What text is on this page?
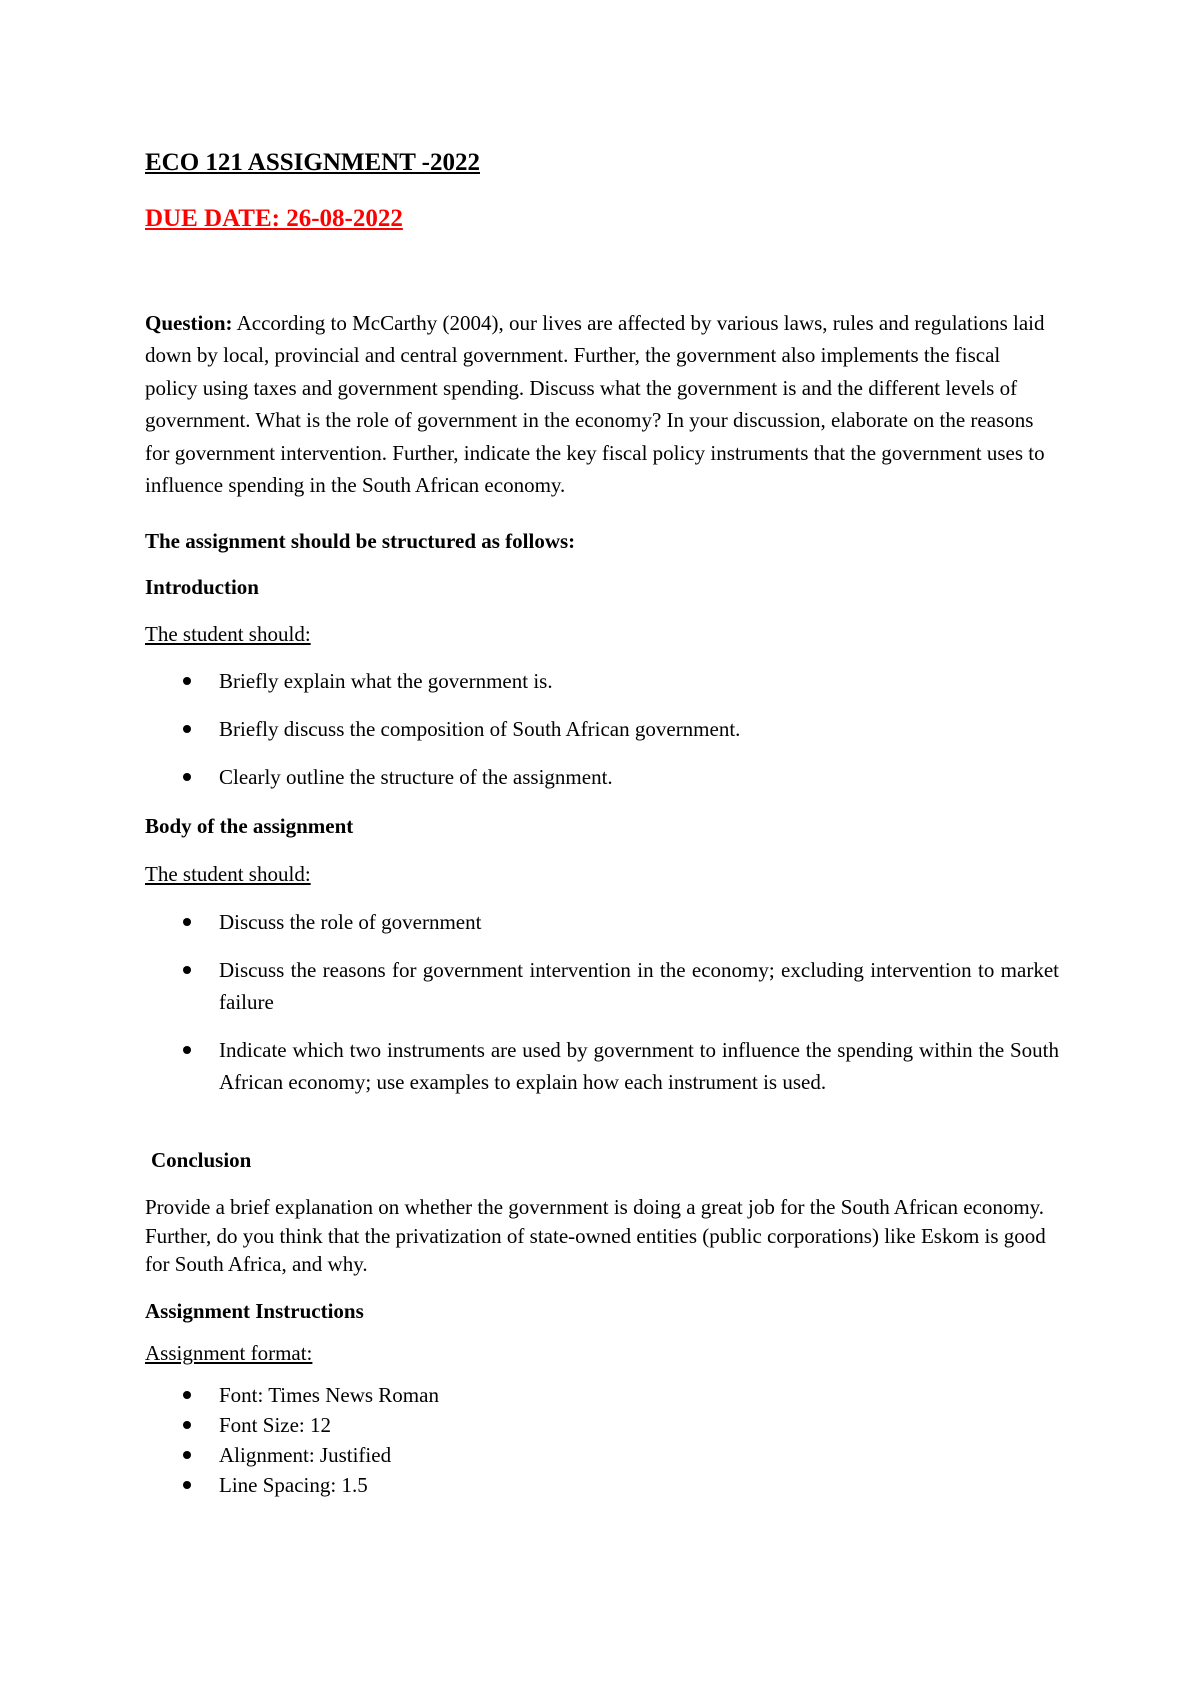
ECO 121 ASSIGNMENT -2022
DUE DATE: 26-08-2022

Question: According to McCarthy (2004), our lives are affected by various laws, rules and regulations laid down by local, provincial and central government. Further, the government also implements the fiscal policy using taxes and government spending. Discuss what the government is and the different levels of government. What is the role of government in the economy? In your discussion, elaborate on the reasons for government intervention. Further, indicate the key fiscal policy instruments that the government uses to influence spending in the South African economy.

The assignment should be structured as follows:

Introduction

The student should:

Briefly explain what the government is.
Briefly discuss the composition of South African government.
Clearly outline the structure of the assignment.

Body of the assignment

The student should:

Discuss the role of government
Discuss the reasons for government intervention in the economy; excluding intervention to market failure
Indicate which two instruments are used by government to influence the spending within the South African economy; use examples to explain how each instrument is used.

Conclusion

Provide a brief explanation on whether the government is doing a great job for the South African economy. Further, do you think that the privatization of state-owned entities (public corporations) like Eskom is good for South Africa, and why.

Assignment Instructions

Assignment format:

Font: Times News Roman
Font Size: 12
Alignment: Justified
Line Spacing: 1.5
